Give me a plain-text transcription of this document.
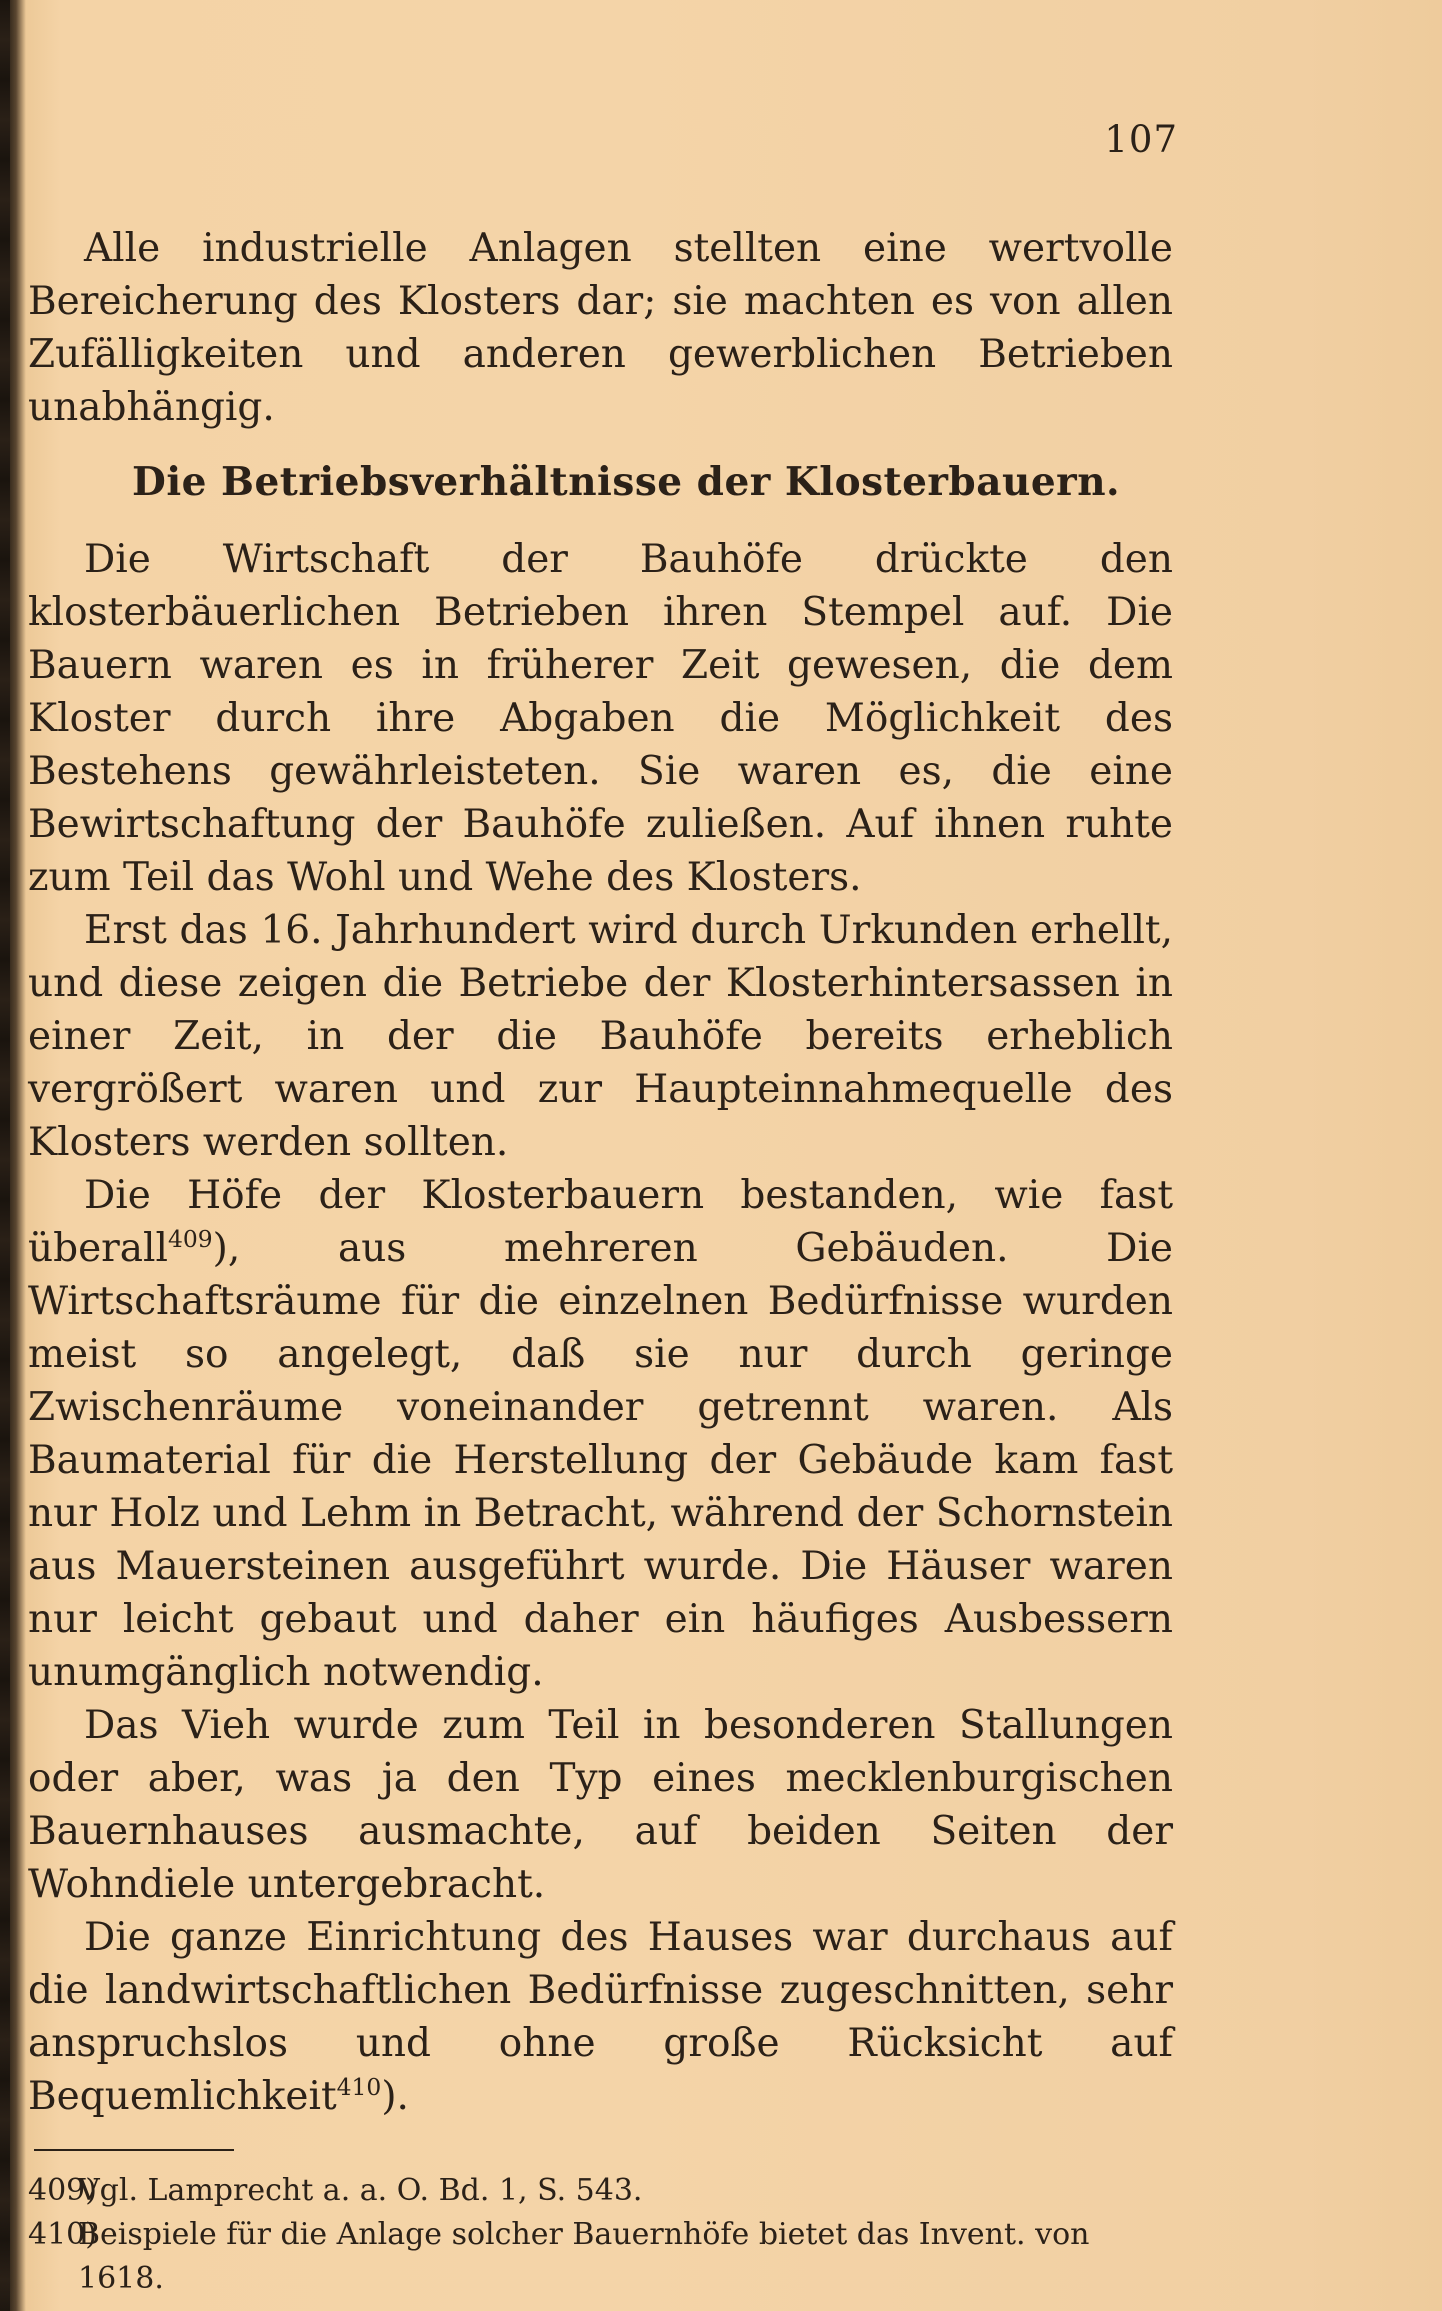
107

Alle industrielle Anlagen stellten eine wertvolle Bereicherung des Klosters dar; sie machten es von allen Zufälligkeiten und anderen gewerblichen Betrieben unabhängig.

Die Betriebsverhältnisse der Klosterbauern.

Die Wirtschaft der Bauhöfe drückte den klosterbäuerlichen Betrieben ihren Stempel auf. Die Bauern waren es in früherer Zeit gewesen, die dem Kloster durch ihre Abgaben die Möglichkeit des Bestehens gewährleisteten. Sie waren es, die eine Bewirtschaftung der Bauhöfe zuließen. Auf ihnen ruhte zum Teil das Wohl und Wehe des Klosters.

Erst das 16. Jahrhundert wird durch Urkunden erhellt, und diese zeigen die Betriebe der Klosterhintersassen in einer Zeit, in der die Bauhöfe bereits erheblich vergrößert waren und zur Haupteinnahmequelle des Klosters werden sollten.

Die Höfe der Klosterbauern bestanden, wie fast überall$^{409}$), aus mehreren Gebäuden. Die Wirtschaftsräume für die einzelnen Bedürfnisse wurden meist so angelegt, daß sie nur durch geringe Zwischenräume voneinander getrennt waren. Als Baumaterial für die Herstellung der Gebäude kam fast nur Holz und Lehm in Betracht, während der Schornstein aus Mauersteinen ausgeführt wurde. Die Häuser waren nur leicht gebaut und daher ein häufiges Ausbessern unumgänglich notwendig.

Das Vieh wurde zum Teil in besonderen Stallungen oder aber, was ja den Typ eines mecklenburgischen Bauernhauses ausmachte, auf beiden Seiten der Wohndiele untergebracht.

Die ganze Einrichtung des Hauses war durchaus auf die landwirtschaftlichen Bedürfnisse zugeschnitten, sehr anspruchslos und ohne große Rücksicht auf Bequemlichkeit$^{410}$).

409)Vgl. Lamprecht a. a. O. Bd. 1, S. 543.

410)Beispiele für die Anlage solcher Bauernhöfe bietet das Invent. von 1618.
